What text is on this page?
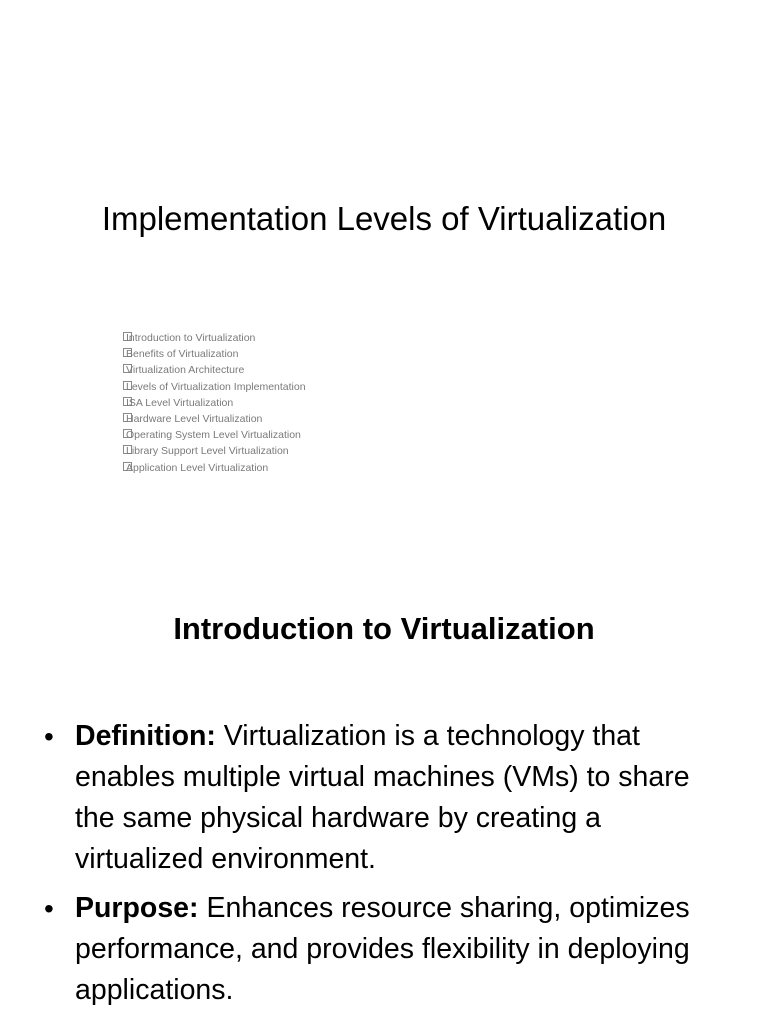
Implementation Levels of Virtualization
Introduction to Virtualization
Benefits of Virtualization
Virtualization Architecture
Levels of Virtualization Implementation
ISA Level Virtualization
Hardware Level Virtualization
Operating System Level Virtualization
Library Support Level Virtualization
Application Level Virtualization
Introduction to Virtualization
• Definition: Virtualization is a technology that enables multiple virtual machines (VMs) to share the same physical hardware by creating a virtualized environment.
• Purpose: Enhances resource sharing, optimizes performance, and provides flexibility in deploying applications.
